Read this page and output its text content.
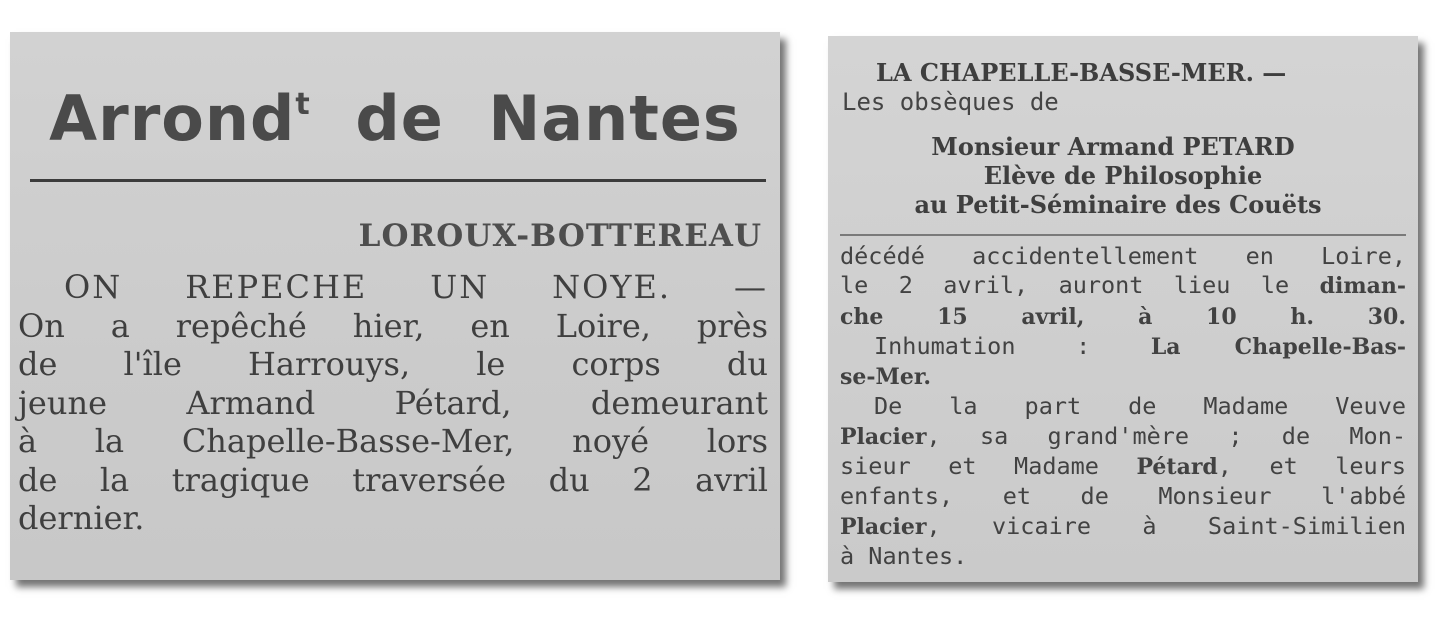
Arrond$^t$ de Nantes
LOROUX-BOTTEREAU
ON REPECHE UN NOYE. —
On a repêché hier, en Loire, près
de l'île Harrouys, le corps du
jeune Armand Pétard, demeurant
à la Chapelle-Basse-Mer, noyé lors
de la tragique traversée du 2 avril
dernier.
LA CHAPELLE-BASSE-MER. —
Les obsèques de
Monsieur Armand PETARD
Elève de Philosophie
au Petit-Séminaire des Couëts
décédé accidentellement en Loire,
le 2 avril, auront lieu le diman-
che 15 avril, à 10 h. 30.
Inhumation : La Chapelle-Bas-
se-Mer.
De la part de Madame Veuve
Placier, sa grand'mère ; de Mon-
sieur et Madame Pétard, et leurs
enfants, et de Monsieur l'abbé
Placier, vicaire à Saint-Similien
à Nantes.
